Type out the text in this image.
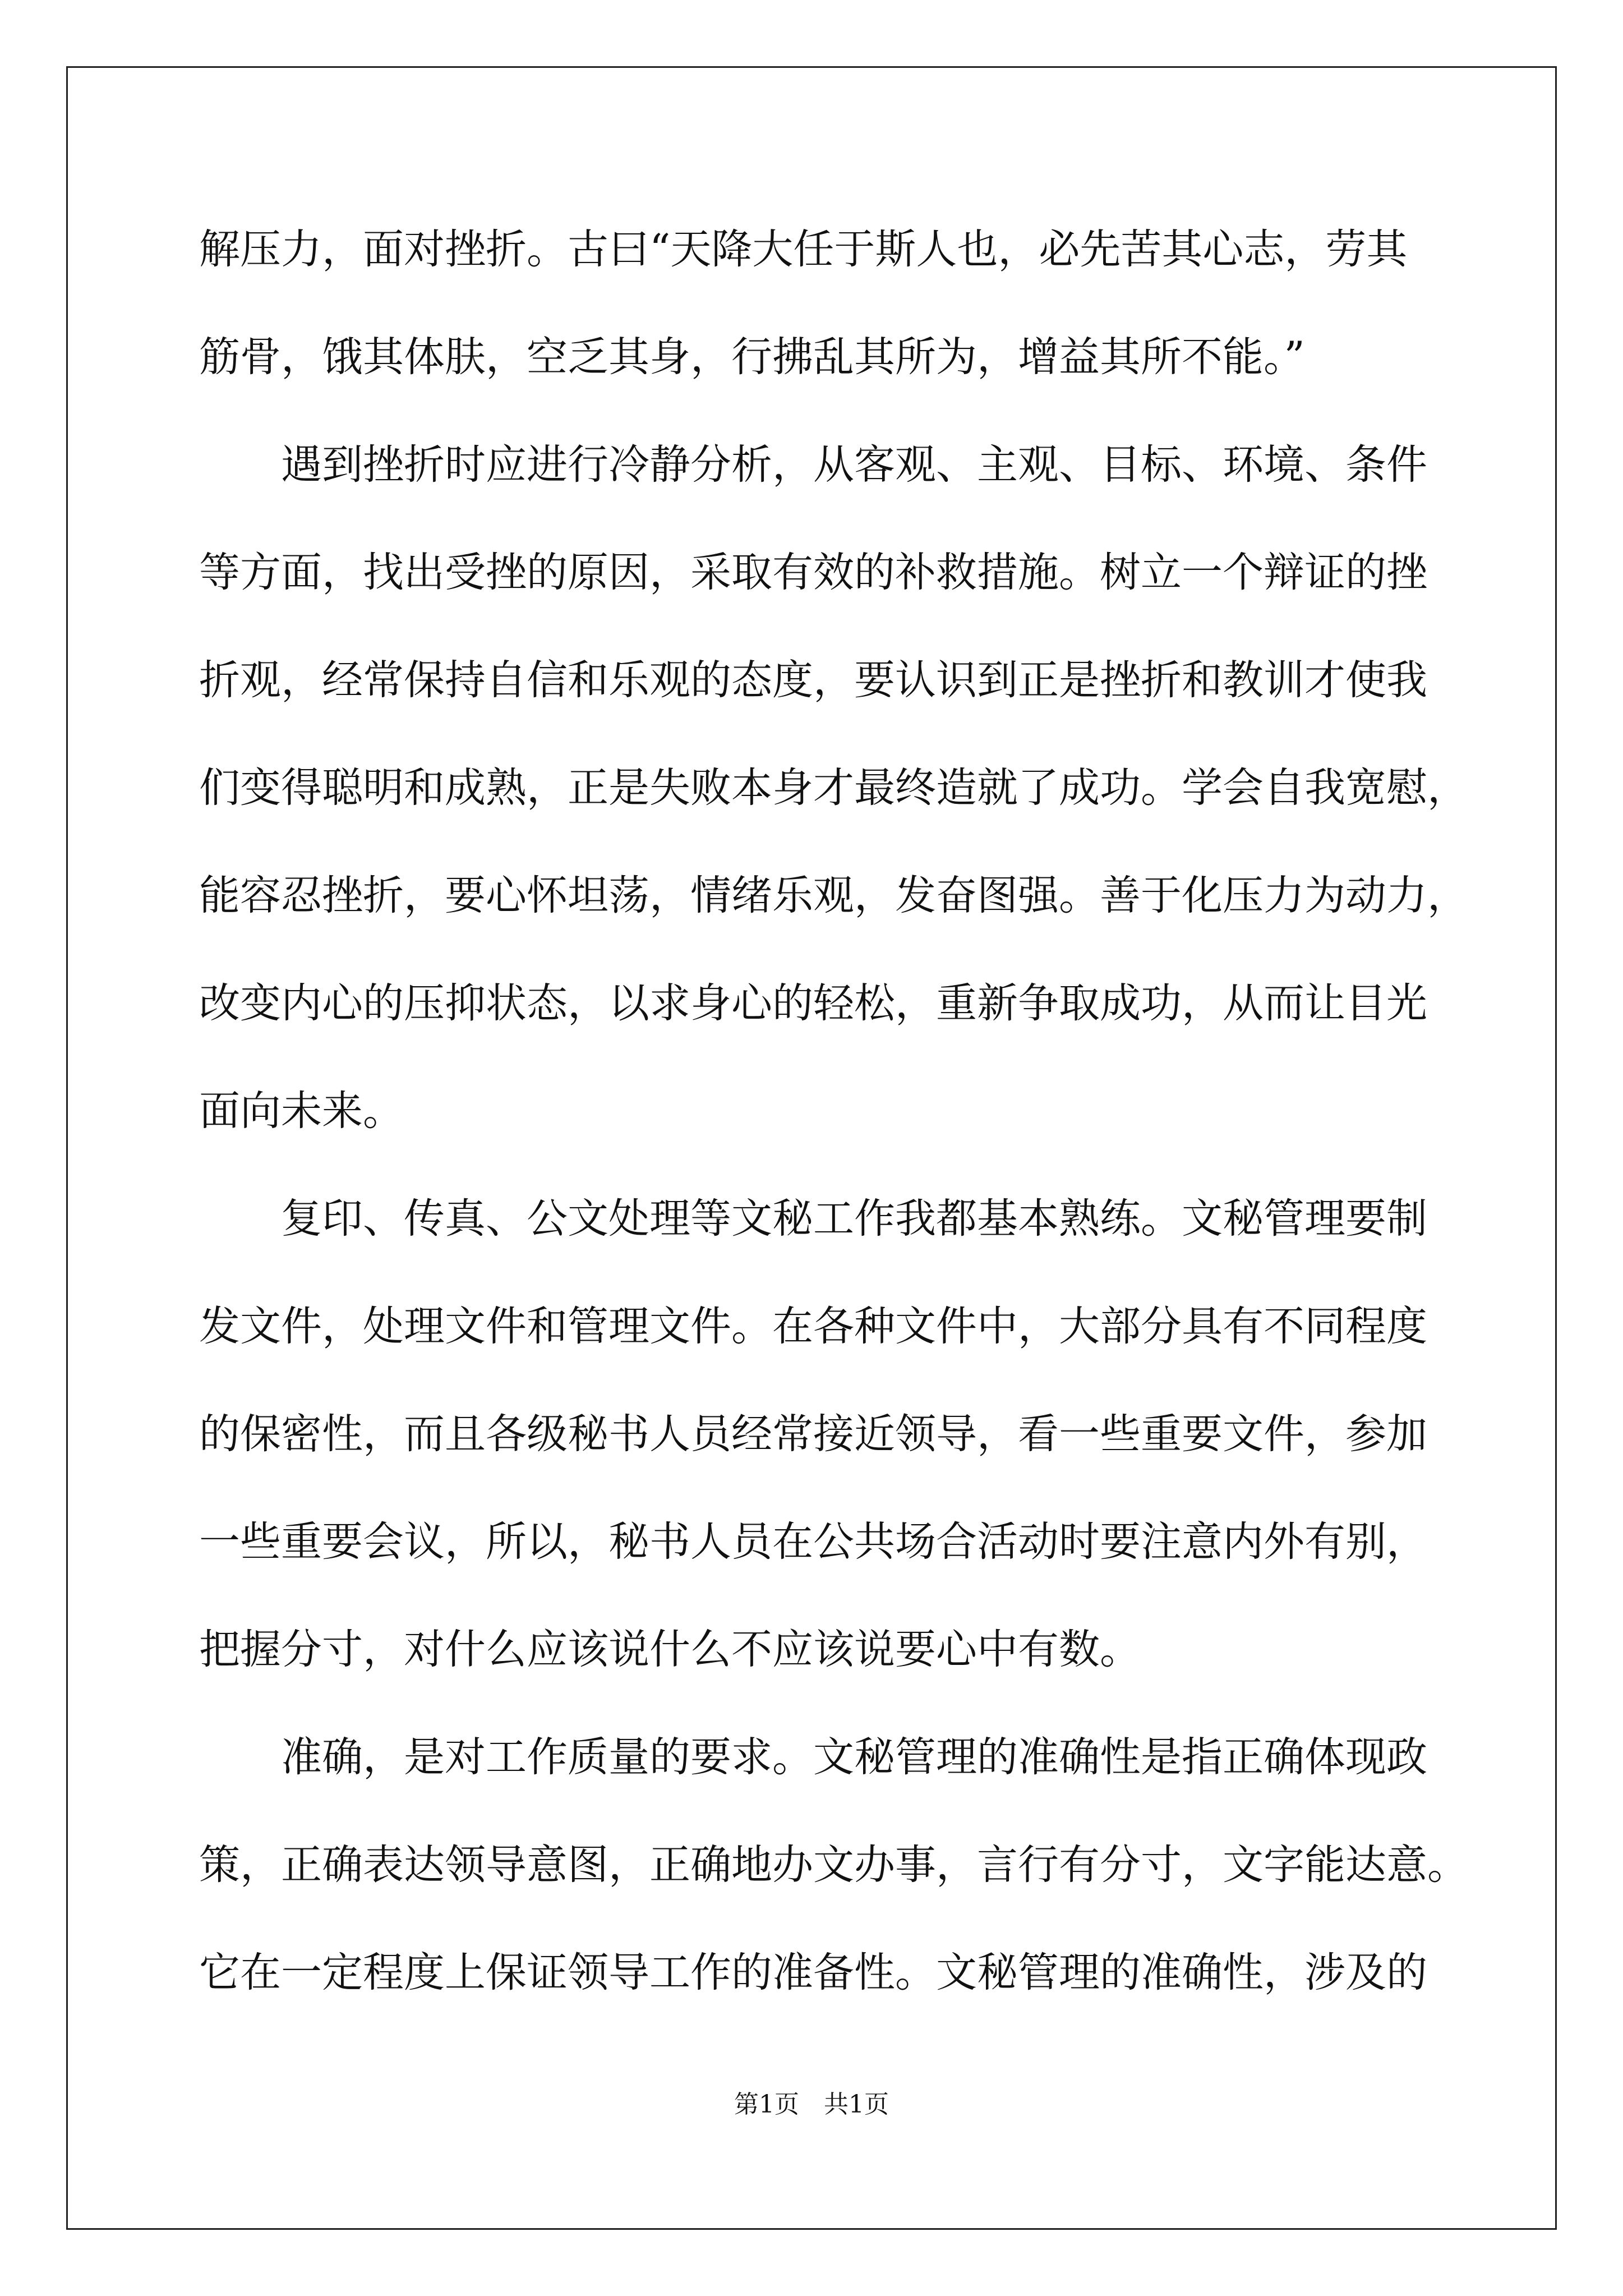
解压力，面对挫折。古曰“天降大任于斯人也，必先苦其心志，劳其
筋骨，饿其体肤，空乏其身，行拂乱其所为，增益其所不能。”
遇到挫折时应进行冷静分析，从客观、主观、目标、环境、条件
等方面，找出受挫的原因，采取有效的补救措施。树立一个辩证的挫
折观，经常保持自信和乐观的态度，要认识到正是挫折和教训才使我
们变得聪明和成熟，正是失败本身才最终造就了成功。学会自我宽慰，
能容忍挫折，要心怀坦荡，情绪乐观，发奋图强。善于化压力为动力，
改变内心的压抑状态，以求身心的轻松，重新争取成功，从而让目光
面向未来。
复印、传真、公文处理等文秘工作我都基本熟练。文秘管理要制
发文件，处理文件和管理文件。在各种文件中，大部分具有不同程度
的保密性，而且各级秘书人员经常接近领导，看一些重要文件，参加
一些重要会议，所以，秘书人员在公共场合活动时要注意内外有别，
把握分寸，对什么应该说什么不应该说要心中有数。
准确，是对工作质量的要求。文秘管理的准确性是指正确体现政
策，正确表达领导意图，正确地办文办事，言行有分寸，文字能达意。
它在一定程度上保证领导工作的准备性。文秘管理的准确性，涉及的
第1页　共1页
